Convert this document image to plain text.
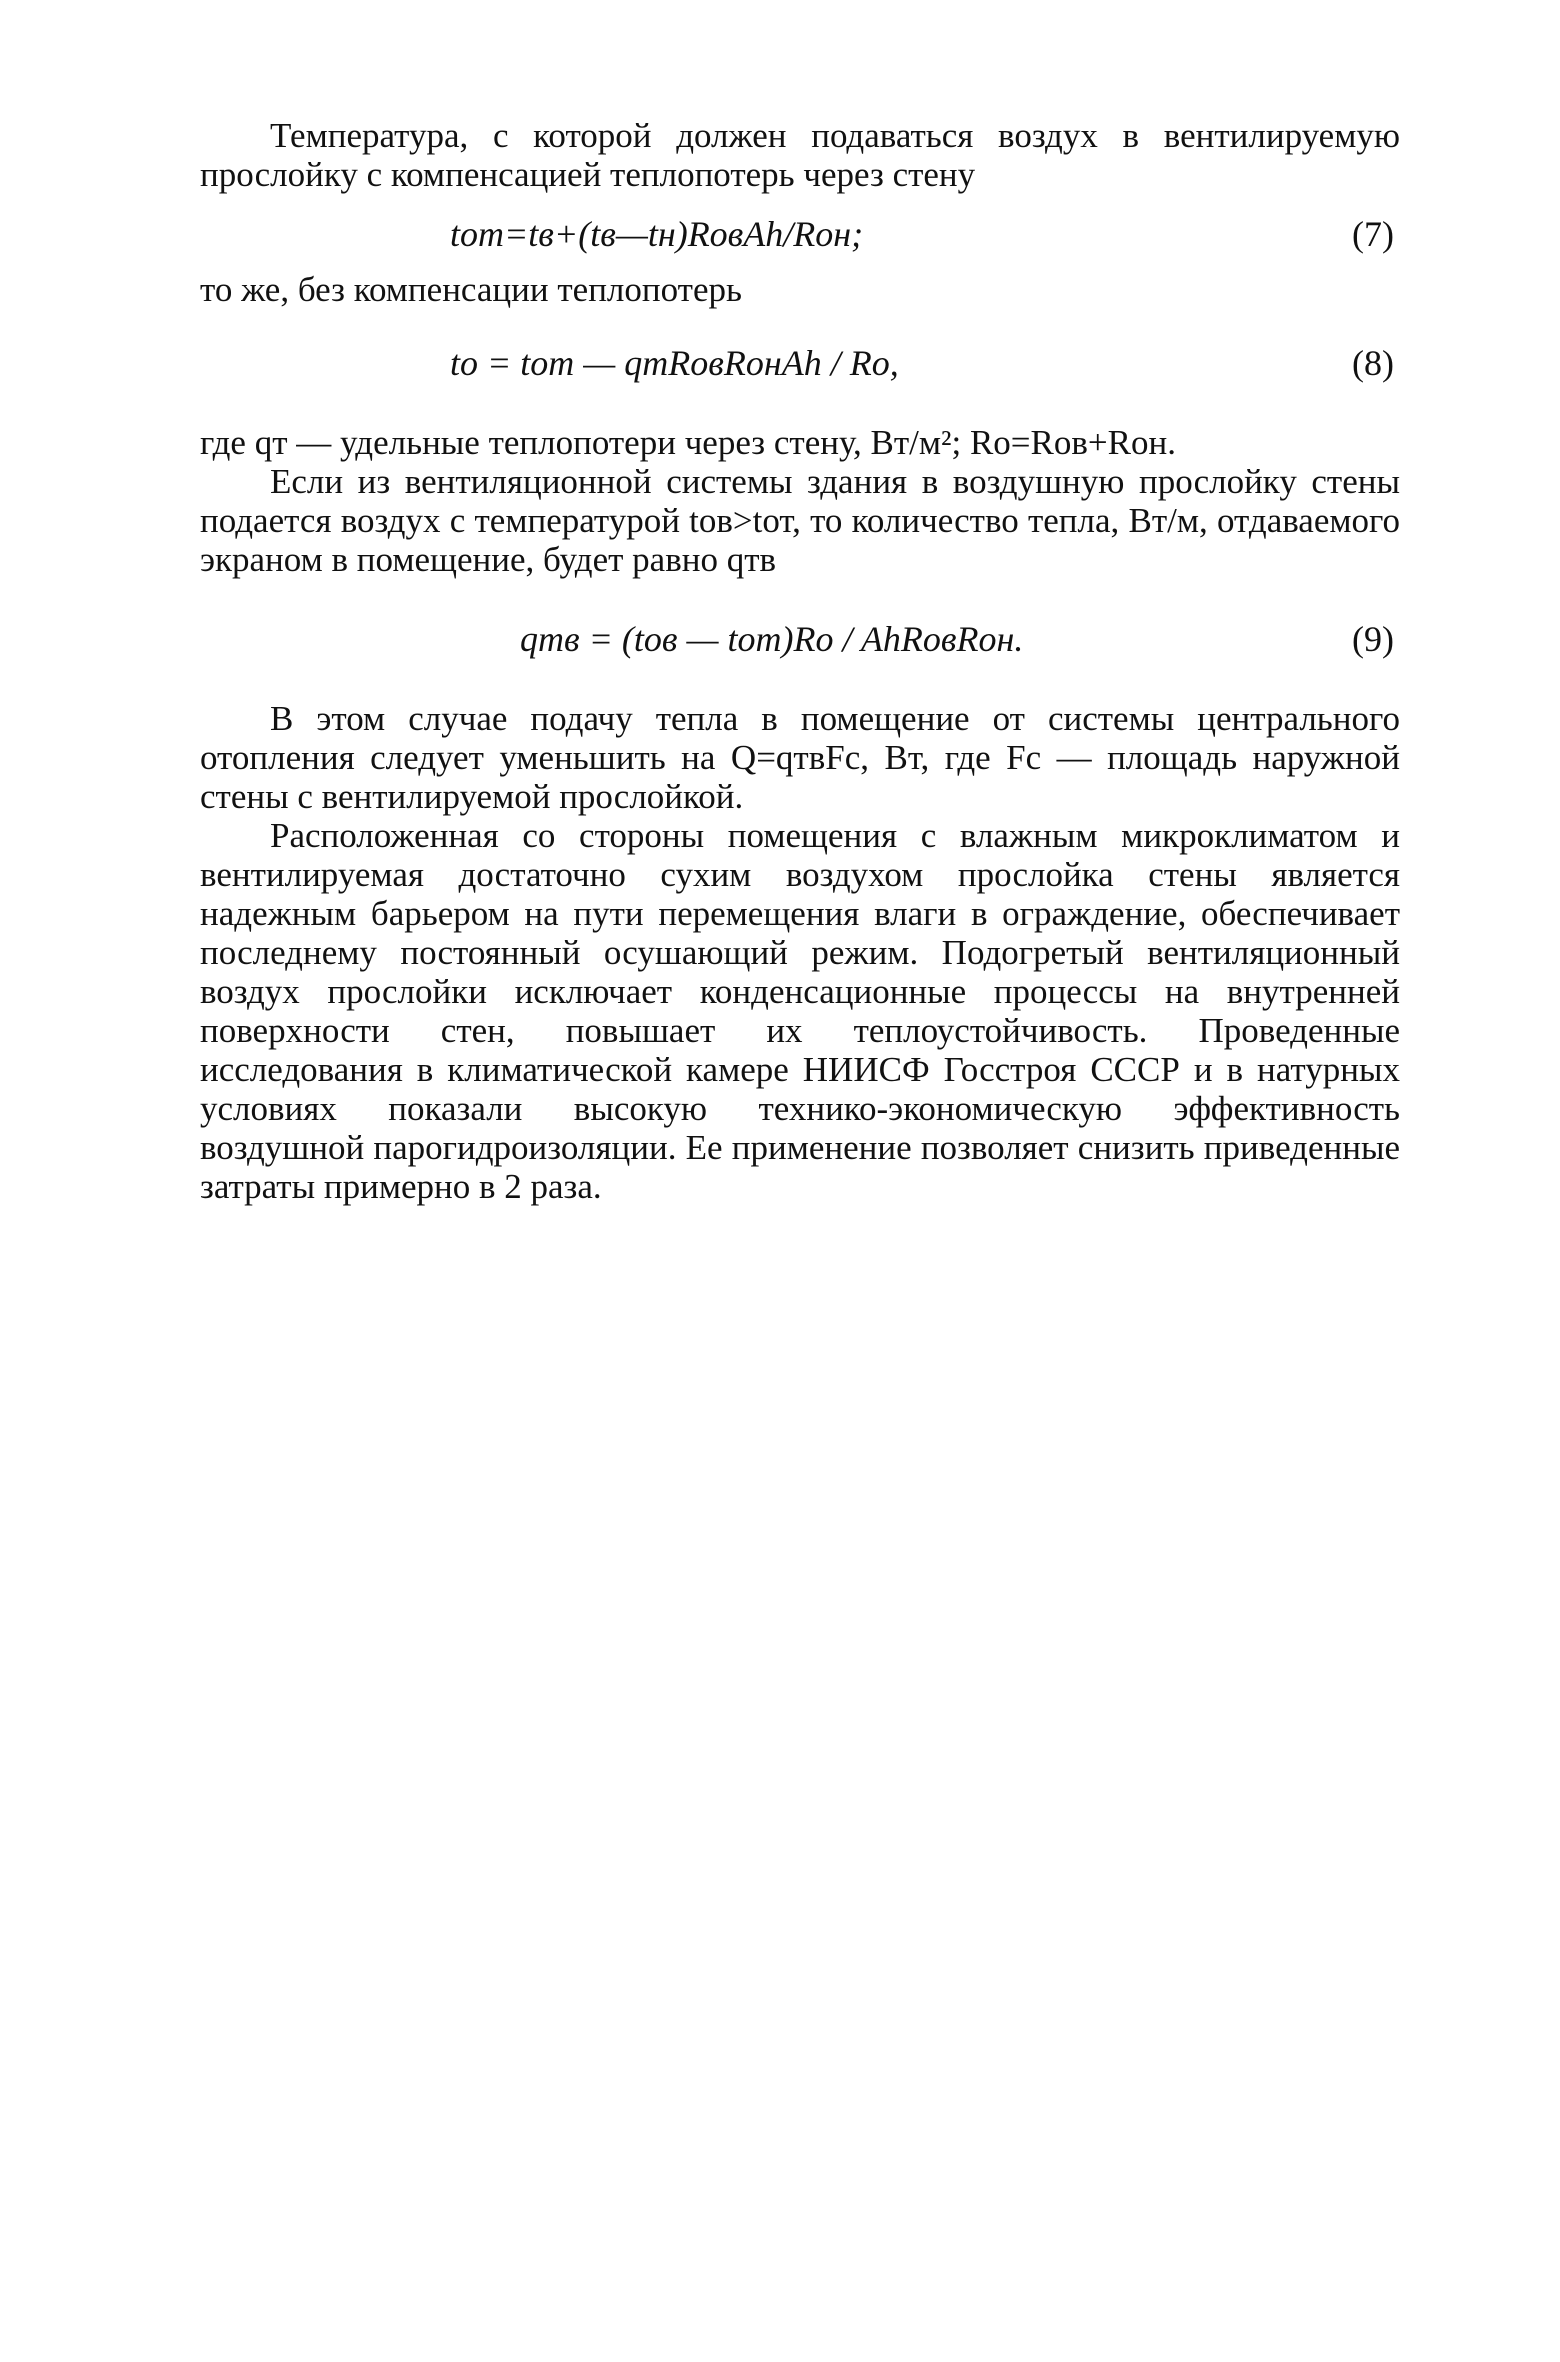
Температура, с которой должен подаваться воздух в вентилируемую прослойку с компенсацией теплопотерь через стену

tот=tв+(tв—tн)RовAh/Rон;	(7)

то же, без компенсации теплопотерь

to = tот — qтRовRонAh / Ro,	(8)

где qт — удельные теплопотери через стену, Вт/м²; Rо=Rов+Rон.

Если из вентиляционной системы здания в воздушную прослойку стены подается воздух с температурой tов>tот, то количество тепла, Вт/м, отдаваемого экраном в помещение, будет равно qтв

qтв = (tов — tот)Ro / AhRовRон.	(9)

В этом случае подачу тепла в помещение от системы центрального отопления следует уменьшить на Q=qтвFс, Вт, где Fс — площадь наружной стены с вентилируемой прослойкой.

Расположенная со стороны помещения с влажным микроклиматом и вентилируемая достаточно сухим воздухом прослойка стены является надежным барьером на пути перемещения влаги в ограждение, обеспечивает последнему постоянный осушающий режим. Подогретый вентиляционный воздух прослойки исключает конденсационные процессы на внутренней поверхности стен, повышает их теплоустойчивость. Проведенные исследования в климатической камере НИИСФ Госстроя СССР и в натурных условиях показали высокую технико-экономическую эффективность воздушной парогидроизоляции. Ее применение позволяет снизить приведенные затраты примерно в 2 раза.
